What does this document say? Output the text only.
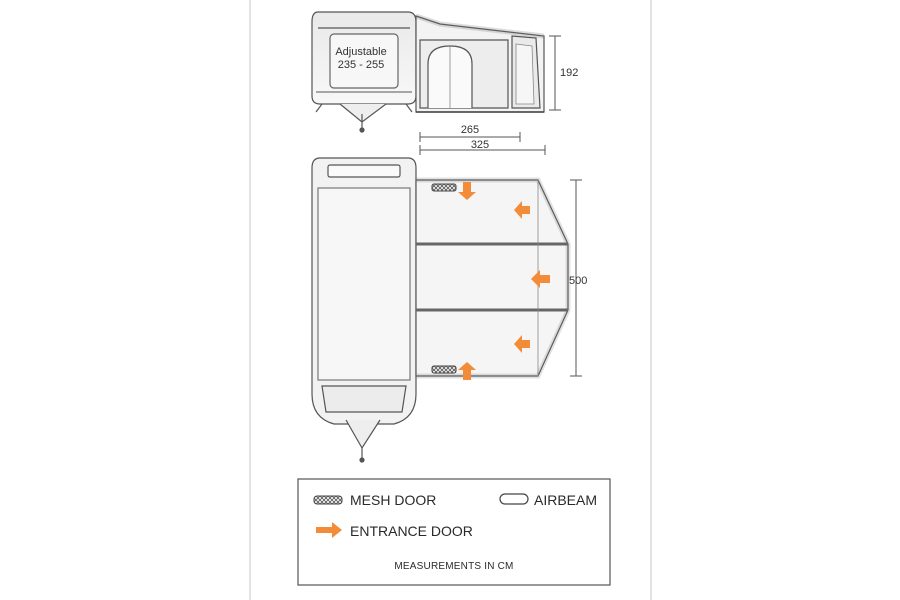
Adjustable
235 - 255
192
265
325
500
MESH DOOR	AIRBEAM
ENTRANCE DOOR
MEASUREMENTS IN CM
